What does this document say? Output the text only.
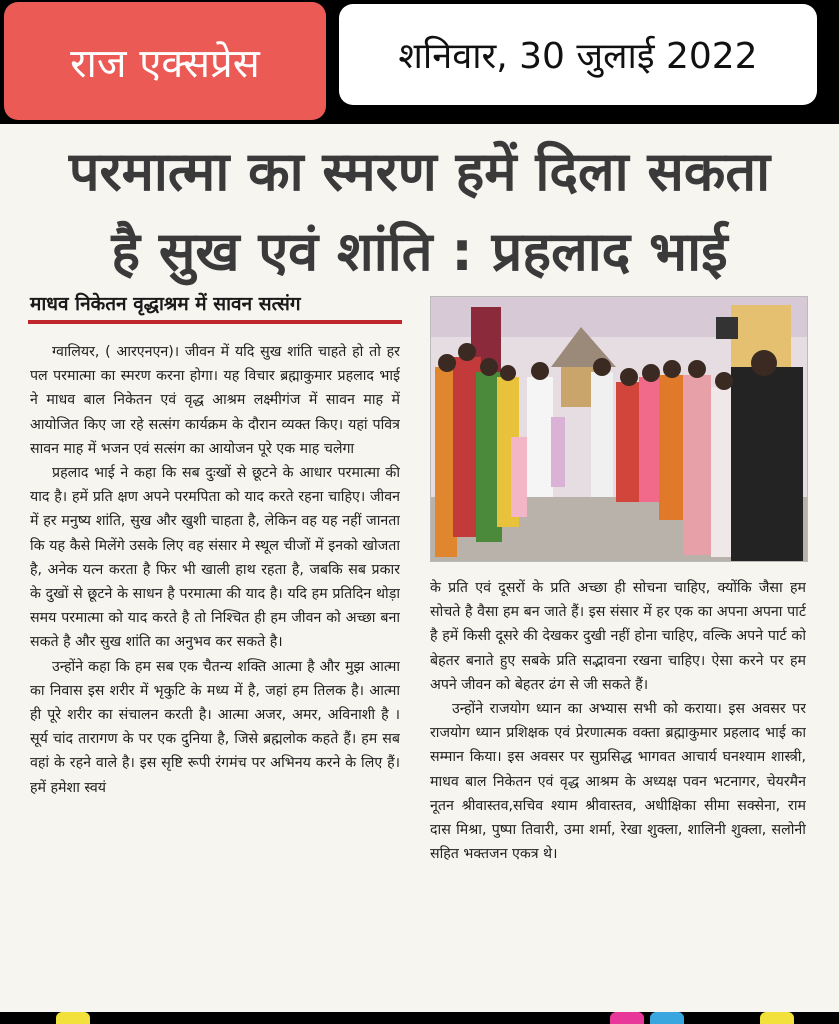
राज एक्सप्रेस	शनिवार, 30 जुलाई 2022
परमात्मा का स्मरण हमें दिला सकता
है सुख एवं शांति : प्रहलाद भाई
माधव निकेतन वृद्धाश्रम में सावन सत्संग

ग्वालियर, ( आरएनएन)। जीवन में यदि सुख शांति चाहते हो तो हर पल परमात्मा का स्मरण करना होगा। यह विचार ब्रह्माकुमार प्रहलाद भाई ने माधव बाल निकेतन एवं वृद्ध आश्रम लक्ष्मीगंज में सावन माह में आयोजित किए जा रहे सत्संग कार्यक्रम के दौरान व्यक्त किए। यहां पवित्र सावन माह में भजन एवं सत्संग का आयोजन पूरे एक माह चलेगा

प्रहलाद भाई ने कहा कि सब दुःखों से छूटने के आधार परमात्मा की याद है। हमें प्रति क्षण अपने परमपिता को याद करते रहना चाहिए। जीवन में हर मनुष्य शांति, सुख और खुशी चाहता है, लेकिन वह यह नहीं जानता कि यह कैसे मिलेंगे उसके लिए वह संसार मे स्थूल चीजों में इनको खोजता है, अनेक यत्न करता है फिर भी खाली हाथ रहता है, जबकि सब प्रकार के दुखों से छूटने के साधन है परमात्मा की याद है। यदि हम प्रतिदिन थोड़ा समय परमात्मा को याद करते है तो निश्चित ही हम जीवन को अच्छा बना सकते है और सुख शांति का अनुभव कर सकते है।

उन्होंने कहा कि हम सब एक चैतन्य शक्ति आत्मा है और मुझ आत्मा का निवास इस शरीर में भृकुटि के मध्य में है, जहां हम तिलक है। आत्मा ही पूरे शरीर का संचालन करती है। आत्मा अजर, अमर, अविनाशी है । सूर्य चांद तारागण के पर एक दुनिया है, जिसे ब्रह्मलोक कहते हैं। हम सब वहां के रहने वाले है। इस सृष्टि रूपी रंगमंच पर अभिनय करने के लिए हैं। हमें हमेशा स्वयं

के प्रति एवं दूसरों के प्रति अच्छा ही सोचना चाहिए, क्योंकि जैसा हम सोचते है वैसा हम बन जाते हैं। इस संसार में हर एक का अपना अपना पार्ट है हमें किसी दूसरे की देखकर दुखी नहीं होना चाहिए, वल्कि अपने पार्ट को बेहतर बनाते हुए सबके प्रति सद्भावना रखना चाहिए। ऐसा करने पर हम अपने जीवन को बेहतर ढंग से जी सकते हैं।

उन्होंने राजयोग ध्यान का अभ्यास सभी को कराया। इस अवसर पर राजयोग ध्यान प्रशिक्षक एवं प्रेरणात्मक वक्ता ब्रह्माकुमार प्रहलाद भाई का सम्मान किया। इस अवसर पर सुप्रसिद्ध भागवत आचार्य घनश्याम शास्त्री, माधव बाल निकेतन एवं वृद्ध आश्रम के अध्यक्ष पवन भटनागर, चेयरमैन नूतन श्रीवास्तव,सचिव श्याम श्रीवास्तव, अधीक्षिका सीमा सक्सेना, राम दास मिश्रा, पुष्पा तिवारी, उमा शर्मा, रेखा शुक्ला, शालिनी शुक्ला, सलोनी सहित भक्तजन एकत्र थे।
